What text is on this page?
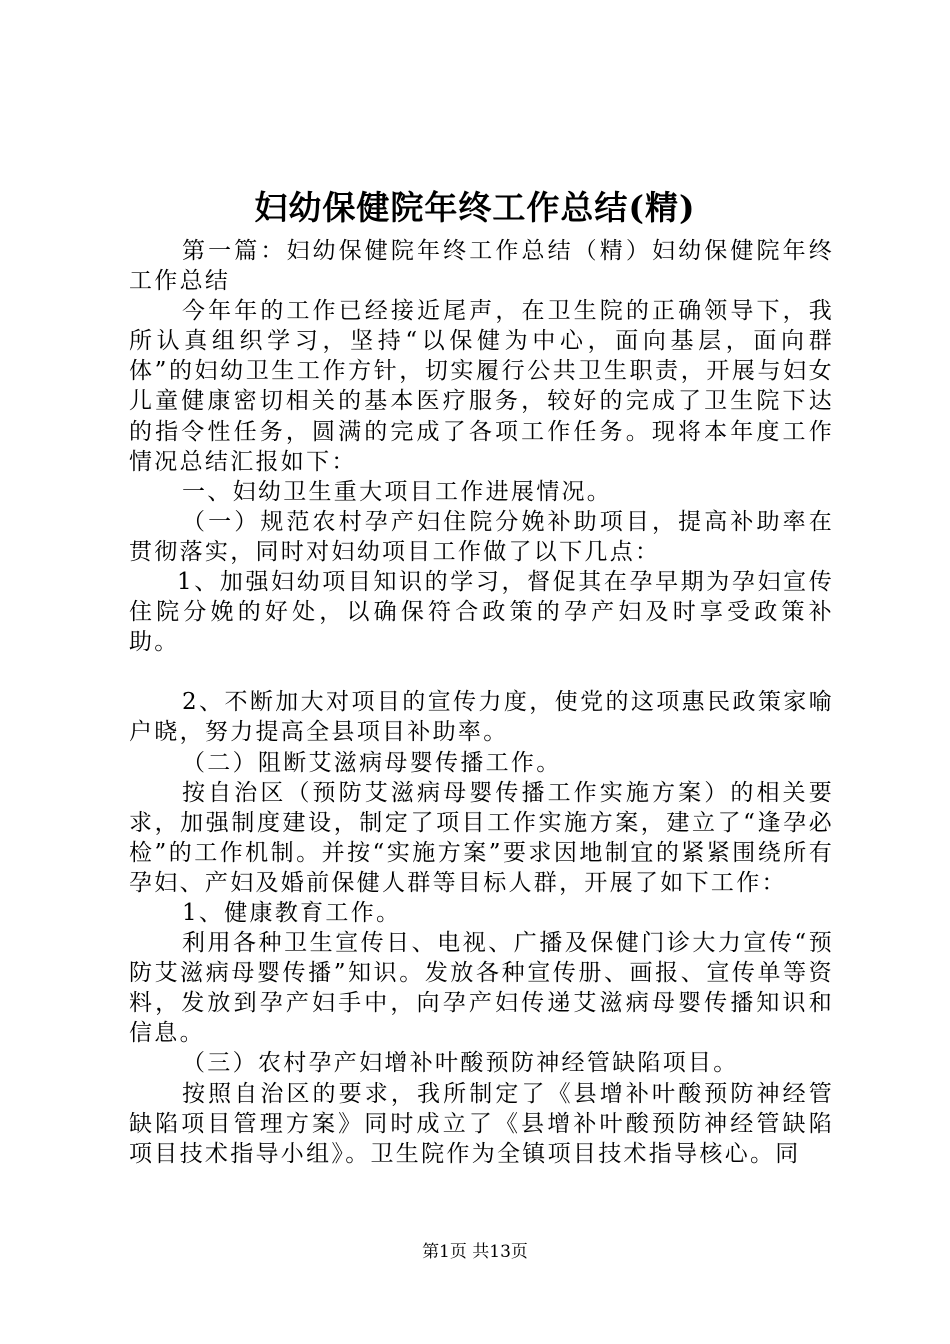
妇幼保健院年终工作总结(精)

第一篇：妇幼保健院年终工作总结（精）妇幼保健院年终工作总结

今年年的工作已经接近尾声，在卫生院的正确领导下，我所认真组织学习，坚持“以保健为中心，面向基层，面向群体”的妇幼卫生工作方针，切实履行公共卫生职责，开展与妇女儿童健康密切相关的基本医疗服务，较好的完成了卫生院下达的指令性任务，圆满的完成了各项工作任务。现将本年度工作情况总结汇报如下：

一、妇幼卫生重大项目工作进展情况。

（一）规范农村孕产妇住院分娩补助项目，提高补助率在贯彻落实，同时对妇幼项目工作做了以下几点：

1、加强妇幼项目知识的学习，督促其在孕早期为孕妇宣传住院分娩的好处，以确保符合政策的孕产妇及时享受政策补助。

2、不断加大对项目的宣传力度，使党的这项惠民政策家喻户晓，努力提高全县项目补助率。

（二）阻断艾滋病母婴传播工作。

按自治区（预防艾滋病母婴传播工作实施方案）的相关要求，加强制度建设，制定了项目工作实施方案，建立了“逢孕必检”的工作机制。并按“实施方案”要求因地制宜的紧紧围绕所有孕妇、产妇及婚前保健人群等目标人群，开展了如下工作：

1、健康教育工作。

利用各种卫生宣传日、电视、广播及保健门诊大力宣传“预防艾滋病母婴传播”知识。发放各种宣传册、画报、宣传单等资料，发放到孕产妇手中，向孕产妇传递艾滋病母婴传播知识和信息。

（三）农村孕产妇增补叶酸预防神经管缺陷项目。

按照自治区的要求，我所制定了《县增补叶酸预防神经管缺陷项目管理方案》同时成立了《县增补叶酸预防神经管缺陷项目技术指导小组》。卫生院作为全镇项目技术指导核心。同

第1页 共13页
